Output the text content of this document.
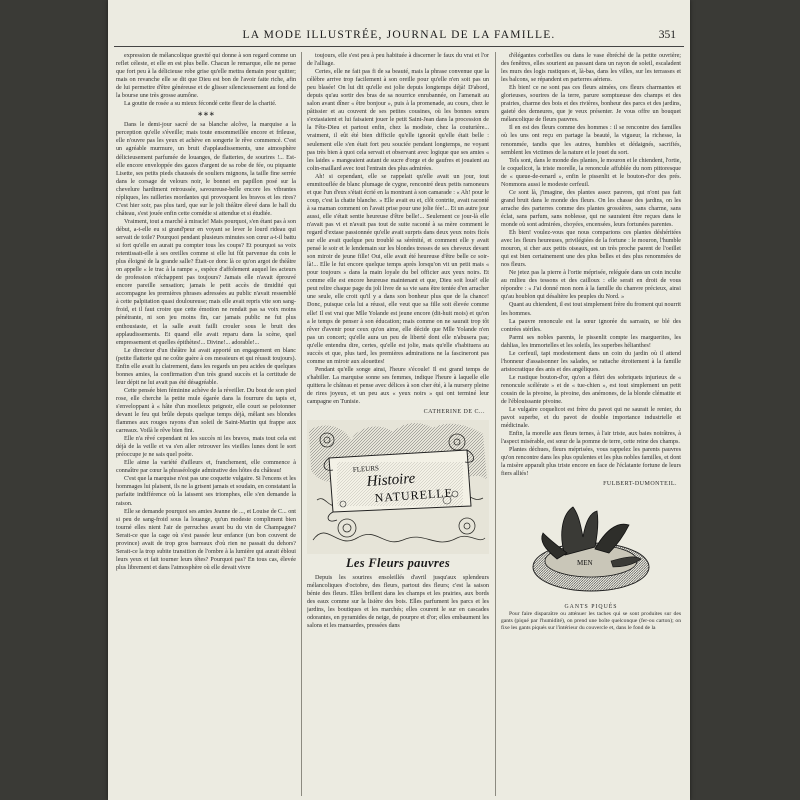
LA MODE ILLUSTRÉE, JOURNAL DE LA FAMILLE.	351

expression de mélancolique gravité qui donne à son regard comme un reflet céleste, et elle en est plus belle. Chacun le remarque, elle ne pense que fort peu à la délicieuse robe grise qu'elle mettra demain pour quitter; mais on revanche elle se dit que Dieu est bon de l'avoir faite riche, afin de lui permettre d'être généreuse et de glisser silencieusement au fond de la bourse une très grosse aumône.

La goutte de rosée a su mieux fécondé cette fleur de la charité.

∗∗∗

Dans le demi-jour sacré de sa blanche alcôve, la marquise a la perception qu'elle s'éveille; mais toute ensommeillée encore et frileuse, elle n'ouvre pas les yeux et achève en songerie le rêve commencé. C'est un agréable murmure, un bruit d'applaudissements, une atmosphère délicieusement parfumée de louanges, de flatteries, de sourires !... Est-elle encore enveloppée des gazes d'argent de sa robe de fée, ou piquante Lisette, ses petits pieds chaussés de souliers mignons, la taille fine serrée dans le corsage de velours noir, le bonnet en papillon posé sur la chevelure hardiment retroussée, savoureuse-belle encore les vibrantes répliques, les railleries mordantes qui provoquent les bravos et les rires? C'est hier soir, pas plus tard, que sur le joli théâtre élevé dans le hall du château, s'est jouée enfin cette comédie si attendue et si étudiée.

Vraiment, tout a marché à miracle! Mais pourquoi, s'en étant pas à son début, a-t-elle eu si grand'peur en voyant se lever le lourd rideau qui servait de toile? Pourquoi pendant plusieurs minutes son cœur a-t-il battu si fort qu'elle en aurait pu compter tous les coups? Et pourquoi sa voix retentissait-elle à ses oreilles comme si elle lui fût parvenue du coin le plus éloigné de la grande salle? Était-ce donc là ce qu'on argot de théâtre on appelle « le trac à la rampe », espèce d'affolement auquel les acteurs de profession n'échappent pas toujours? Jamais elle n'avait éprouvé encore pareille sensation; jamais le petit accès de timidité qui accompagne les premières phrases adressées au public n'avait ressemblé à cette palpitation quasi douloureuse; mais elle avait repris vite son sang-froid, et il faut croire que cette émotion ne rendait pas sa voix moins pénétrante, ni son jeu moins fin, car jamais public ne fut plus enthousiaste, et la salle avait failli crouler sous le bruit des applaudissements. Et quand elle avait reparu dans la scène, quel empressement et quelles épithètes!... Divine!... adorable!...

Le directeur d'un théâtre lui avait apporté un engagement en blanc (petite flatterie qui ne coûte guère à ces messieurs et qui réussit toujours). Enfin elle avait lu clairement, dans les regards un peu acides de quelques bonnes amies, la confirmation d'un très grand succès et la certitude de leur dépit ne lui avait pas été désagréable.

Cette pensée bien féminine achève de la réveiller. Du bout de son pied rose, elle cherche la petite mule égarée dans la fourrure du tapis et, s'enveloppant à « hâte d'un moelleux peignoir, elle court se pelotonner devant le feu qui brûle depuis quelque temps déjà, mêlant ses blondes flammes aux rouges rayons d'un soleil de Saint-Martin qui frappe aux carreaux. Voilà le rêve bien fini.

Elle n'a rêvé cependant ni les succès ni les bravos, mais tout cela est déjà de la veille et va s'en aller retrouver les vieilles lunes dont le sort préoccupe je ne sais quel poète.

Elle aime la variété d'ailleurs et, franchement, elle commence à connaître par cœur la phraséologie admirative des hôtes du château!

C'est que la marquise n'est pas une coquette vulgaire. Si l'encens et les hommages lui plaisent, ils ne la grisent jamais et soudain, en constatant la parfaite indifférence où la laissent ses triomphes, elle s'en demande la raison.

Elle se demande pourquoi ses amies Jeanne de ..., et Louise de C... ont si peu de sang-froid sous la louange, qu'un modeste compliment bien tourné elles nient l'air de perruches avant bu du vin de Champagne? Serait-ce que la cage où s'est passée leur enfance (un bon couvent de province) avait de trop gros barreaux d'où rien ne passait du dehors? Serait-ce la trop subite transition de l'ombre à la lumière qui aurait ébloui leurs yeux et fait tourner leurs têtes? Pourquoi pas? En tous cas, élevée plus librement et dans l'atmosphère où elle devait vivre

toujours, elle s'est peu à peu habituée à discerner le faux du vrai et l'or de l'alliage.

Certes, elle ne fait pas fi de sa beauté, mais la phrase convenue que la célèbre arrive trop facilement à son oreille pour qu'elle n'en soit pas un peu blasée! On lui dit qu'elle est jolie depuis longtemps déjà! D'abord, depuis qu'au sortir des bras de sa nourrice enrubannée, on l'amenait au salon avant dîner « être bonjour », puis à la promenade, au cours, chez le pâtissier et au couvent de ses petites cousines, où les bonnes sœurs s'extasiaient et lui faisaient jouer le petit Saint-Jean dans la procession de la Fête-Dieu et partout enfin, chez la modiste, chez la couturière... vraiment, il eût été bien difficile qu'elle ignorât qu'elle était belle : seulement elle s'en était fort peu souciée pendant longtemps, ne voyant pas très bien à quoi cela servait et observant avec logique que ses amies « les laides » mangeaient autant de sucre d'orge et de gaufres et jouaient au colin-maillard avec tout l'entrain des plus admirées.

Ah! si cependant, elle se rappelait qu'elle avait un jour, tout emmitouflée de blanc plumage de cygne, rencontré deux petits ramoneurs et que l'un d'eux s'était écrié en la montrant à son camarade : « Ah! pour le coup, c'est la chatte blanche. » Elle avait eu et, clôt contrite, avait raconté à sa maman comment on l'avait prise pour une jolie fée!... Et un autre jour aussi, elle s'était sentie heureuse d'être belle!... Seulement ce jour-là elle n'avait pas vi et n'avait pas tout de suite raconté à sa mère comment le regard d'extase passionnée qu'elle avait surpris dans deux yeux noirs ficés sur elle avait quelque peu troublé sa sérénité, et comment elle y avait pensé le soir et le lendemain sur les blondes tresses de ses cheveux devant son miroir de jeune fille! Oui, elle avait été heureuse d'être belle ce soir-là!... Elle le fut encore quelque temps après lorsqu'on vit un petit mais « pour toujours » dans la main loyale du bel officier aux yeux noirs. Et comme elle est encore heureuse maintenant et que, Dieu soit loué! elle peut relire chaque page du joli livre de sa vie sans être tentée d'en arracher une seule, elle croit qu'il y a dans son bonheur plus que de la chance! Donc, puisque cela lui a réussi, elle veut que sa fille soit élevée comme elle! Il est vrai que Mlle Yolande est jeune encore (dit-huit mois) et qu'on a le temps de penser à son éducation; mais comme on ne saurait trop tôt rêver d'avenir pour ceux qu'on aime, elle décide que Mlle Yolande n'en pas un concert; qu'elle aura un peu de liberté dont elle n'abusera pas; qu'elle entendra dire, certes, qu'elle est jolie, mais qu'elle s'habituera au succès et que, plus tard, les premières admirations ne la fascineront pas comme un miroir aux alouettes!

Pendant qu'elle songe ainsi, l'heure s'écoule! Il est grand temps de s'habiller. La marquise sonne ses femmes, indique l'heure à laquelle elle quittera le château et pense avec délices à son cher été, à la nursery pleine de rires joyeux, et un peu aux « yeux noirs » qui ont terminé leur campagne en Tunisie.

CATHERINE DE C...
FLEURS
Histoire
NATURELLE
Les Fleurs pauvres

Depuis les sourires ensoleillés d'avril jusqu'aux splendeurs mélancoliques d'octobre, des fleurs, partout des fleurs; c'est la saison bénie des fleurs. Elles brillent dans les champs et les prairies, aux bords des eaux comme sur la lisière des bois. Elles parfument les parcs et les jardins, les boutiques et les marchés; elles courent le sur en cascades odorantes, en pyramides de neige, de pourpre et d'or; elles embaument les salons et les mansardes, pressées dans

d'élégantes corbeilles ou dans le vase ébréché de la petite ouvrière; des fenêtres, elles sourient au passant dans un rayon de soleil, escaladent les murs des logis rustiques et, là-bas, dans les villes, sur les terrasses et les balcons, se répandent en parterres aériens.

Eh bien! ce ne sont pas ces fleurs aimées, ces fleurs charmantes et glorieuses, sourires de la terre, parure somptueuse des champs et des prairies, charme des bois et des rivières, bonheur des parcs et des jardins, gaieté des demeures, que je veux présenter. Je vous offre un bouquet mélancolique de fleurs pauvres.

Il en est des fleurs comme des hommes : il se rencontre des familles où les uns ont reçu en partage la beauté, la vigueur, la richesse, la renommée, tandis que les autres, humbles et dédaignés, sacrifiés, semblent les victimes de la nature et le jouet du sort.

Tels sont, dans le monde des plantes, le mouron et le chiendent, l'ortie, le coquelicot, la triste morelle, la renoncule affublée du nom pittoresque de « queue-de-renard », enfin le pissenlit et le bouton-d'or des prés. Nommons aussi le modeste cerfeuil.

Ce sont là, j'imagine, des plantes assez pauvres, qui n'ont pas fait grand bruit dans le monde des fleurs. On les chasse des jardins, on les arrache des parterres comme des plantes grossières, sans charme, sans éclat, sans parfum, sans noblesse, qui ne sauraient être reçues dans le monde où sont admirées, choyées, encensées, leurs fortunées parentes.

Eh bien! voulez-vous que nous comparions ces plantes déshéritées avec les fleurs heureuses, privilégiées de la fortune : le mouron, l'humble mouron, si cher aux petits oiseaux, est un très proche parent de l'oeillet qui est bien certainement une des plus belles et des plus renommées de nos fleurs.

Ne jetez pas la pierre à l'ortie méprisée, reléguée dans un coin inculte au milieu des tessons et des cailloux : elle serait en droit de vous répondre : « J'ai donné mon nom à la famille du chanvre précieux, ainsi qu'au houblon qui désaltère les peuples du Nord. »

Quant au chiendent, il est tout simplement frère du froment qui nourrit les hommes.

La pauvre renoncule est la sœur ignorée du sarrasin, se blé des contrées stériles.

Parmi ses nobles parents, le pissenlit compte les marguerites, les dahlias, les immortelles et les soleils, les superbes hélianthes!

Le cerfeuil, tapi modestement dans un coin du jardin où il attend l'honneur d'assaisonner les salades, se rattache étroitement à la famille aristocratique des anis et des angéliques.

Le rustique bouton-d'or, qu'on a flétri des sobriquets injurieux de « renoncule scélérate » et de « tue-chien », est tout simplement un petit cousin de la pivoine, la pivoine, des anémones, de la blonde clématite et de l'éblouissante pivoine.

Le vulgaire coquelicot est frère du pavot qui ne saurait le renier, du pavot superbe, et du pavot de double importance industrielle et médicinale.

Enfin, la morelle aux fleurs ternes, à l'air triste, aux baies noirâtres, à l'aspect misérable, est sœur de la pomme de terre, cette reine des champs.

Plantes déchues, fleurs méprisées, vous rappelez les parents pauvres qu'on rencontre dans les plus opulentes et les plus nobles familles, et dont la misère apparaît plus triste encore en face de l'éclatante fortune de leurs fiers alliés!

FULBERT-DUMONTEIL.
MEN
GANTS PIQUÉS

Pour faire disparaître ou atténuer les taches qui se sont produites sur des gants (piqué par l'humidité), on prend une boîte quelconque (fer-ou carton); on fixe les gants piqués sur l'intérieur du couvercle et, dans le fond de la
